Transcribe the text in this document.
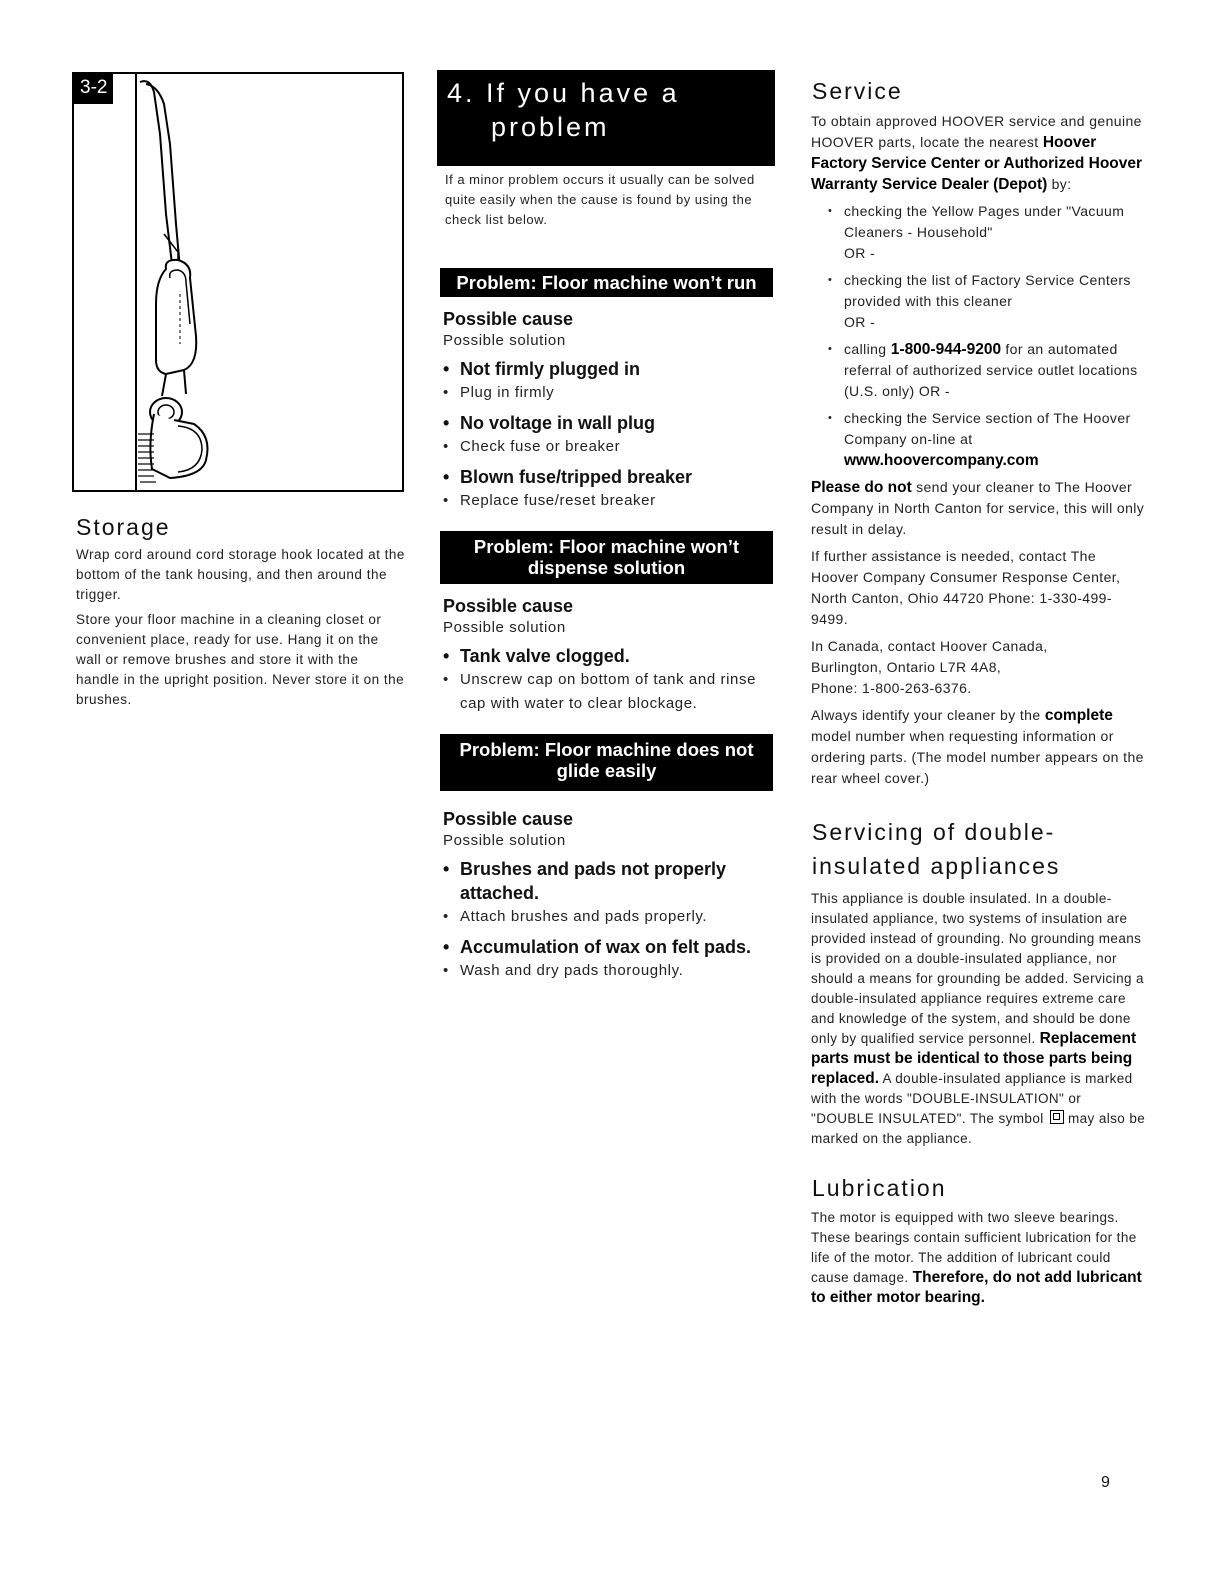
3-2
Storage

Wrap cord around cord storage hook located at the bottom of the tank housing, and then around the trigger.

Store your floor machine in a cleaning closet or convenient place, ready for use. Hang it on the wall or remove brushes and store it with the handle in the upright position. Never store it on the brushes.

4. If you have a
problem

If a minor problem occurs it usually can be solved quite easily when the cause is found by using the check list below.

Problem: Floor machine won’t run
Possible cause
Possible solution
• Not firmly plugged in
• Plug in firmly
• No voltage in wall plug
• Check fuse or breaker
• Blown fuse/tripped breaker
• Replace fuse/reset breaker
Problem: Floor machine won’t
dispense solution
Possible cause
Possible solution
• Tank valve clogged.
• Unscrew cap on bottom of tank and rinse cap with water to clear blockage.
Problem: Floor machine does not
glide easily
Possible cause
Possible solution
• Brushes and pads not properly attached.
• Attach brushes and pads properly.
• Accumulation of wax on felt pads.
• Wash and dry pads thoroughly.
Service

To obtain approved HOOVER service and genuine HOOVER parts, locate the nearest Hoover Factory Service Center or Authorized Hoover Warranty Service Dealer (Depot) by:

• checking the Yellow Pages under "Vacuum Cleaners - Household"
OR -
• checking the list of Factory Service Centers provided with this cleaner
OR -
• calling 1-800-944-9200 for an automated referral of authorized service outlet locations (U.S. only) OR -
• checking the Service section of The Hoover Company on-line at www.hoovercompany.com

Please do not send your cleaner to The Hoover Company in North Canton for service, this will only result in delay.

If further assistance is needed, contact The Hoover Company Consumer Response Center, North Canton, Ohio 44720 Phone: 1-330-499-9499.

In Canada, contact Hoover Canada,
Burlington, Ontario L7R 4A8,
Phone: 1-800-263-6376.

Always identify your cleaner by the complete model number when requesting information or ordering parts. (The model number appears on the rear wheel cover.)

Servicing of double-
insulated appliances

This appliance is double insulated. In a double-insulated appliance, two systems of insulation are provided instead of grounding. No grounding means is provided on a double-insulated appliance, nor should a means for grounding be added. Servicing a double-insulated appliance requires extreme care and knowledge of the system, and should be done only by qualified service personnel. Replacement parts must be identical to those parts being replaced. A double-insulated appliance is marked with the words "DOUBLE-INSULATION" or "DOUBLE INSULATED". The symbol  may also be marked on the appliance.

Lubrication

The motor is equipped with two sleeve bearings. These bearings contain sufficient lubrication for the life of the motor. The addition of lubricant could cause damage. Therefore, do not add lubricant to either motor bearing.

9
